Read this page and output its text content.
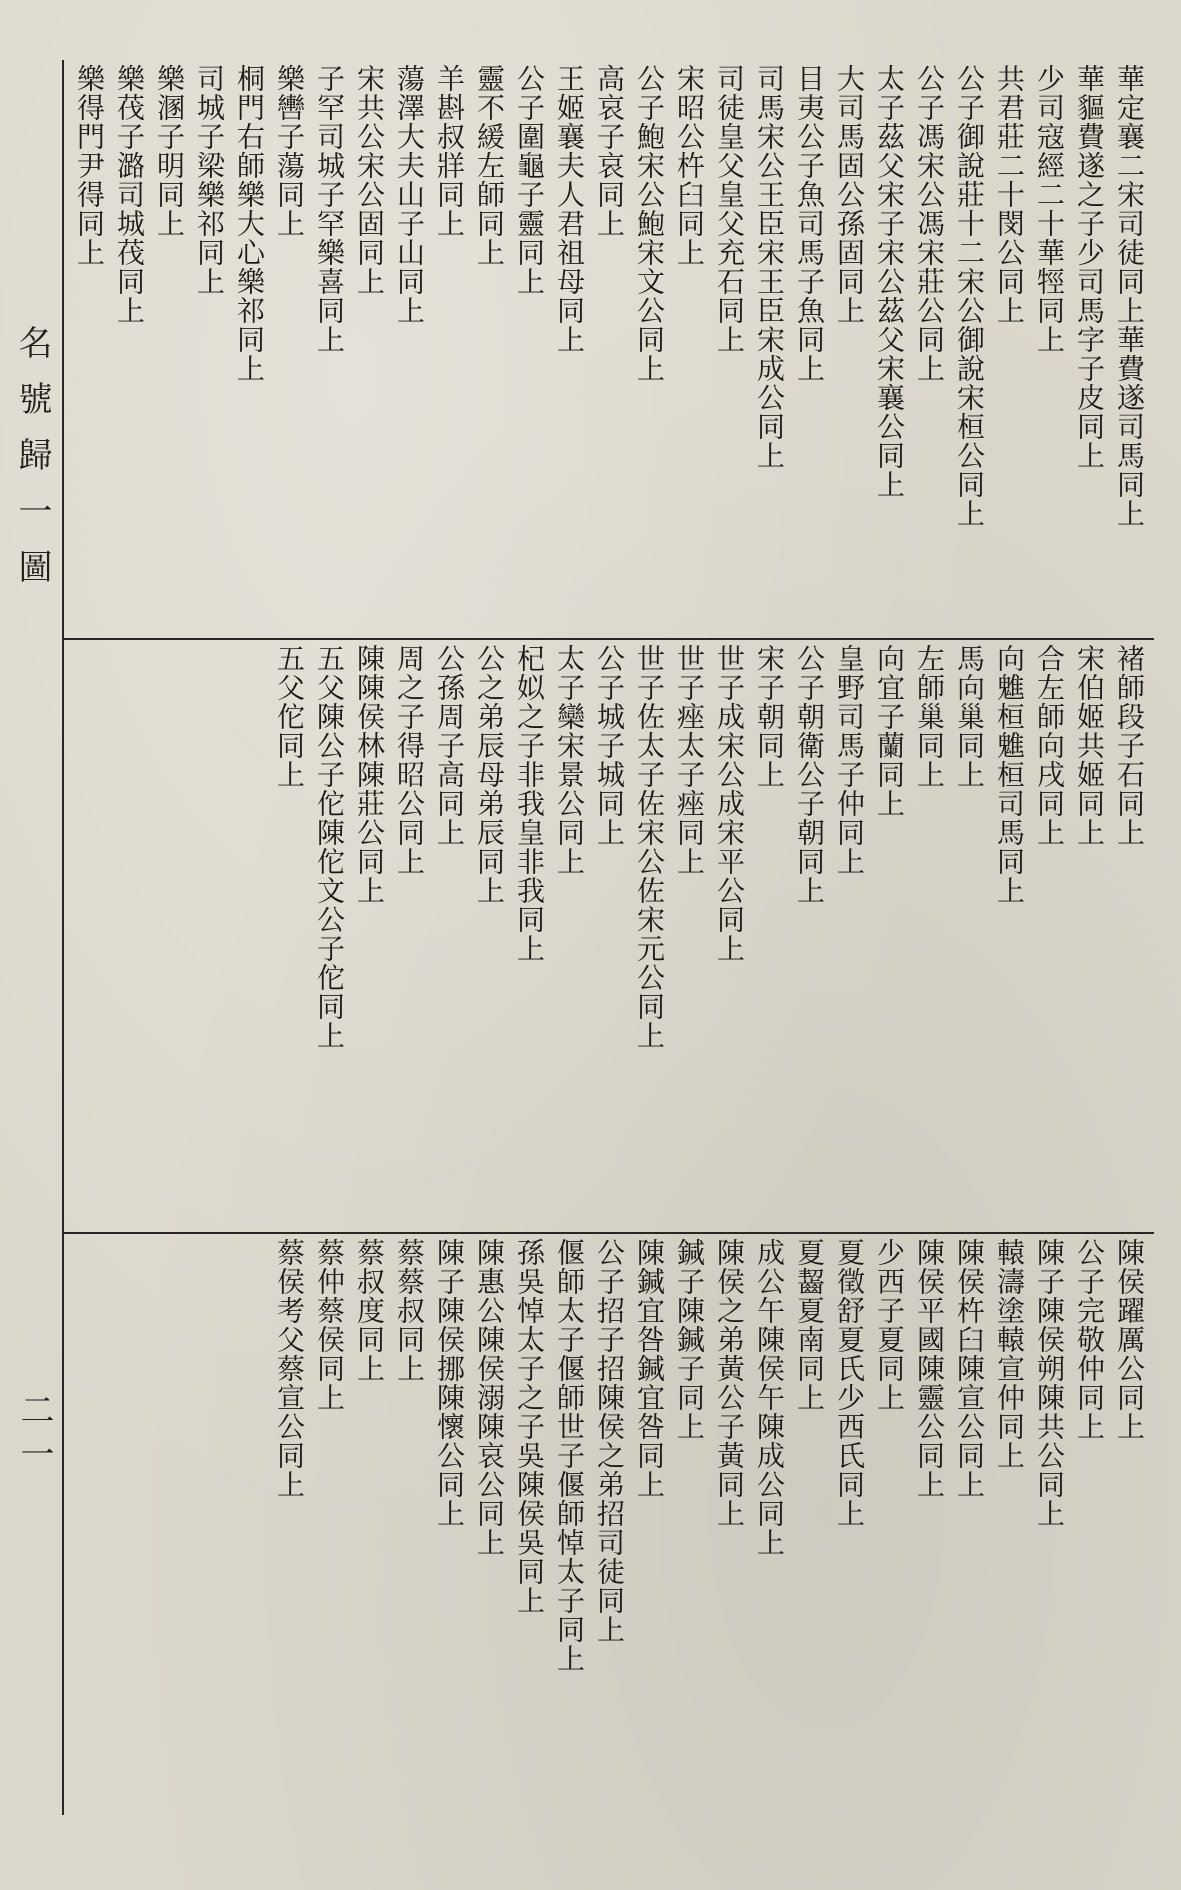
名號歸一圖
二一
華定襄二宋司徒同上華費遂司馬同上
華貙費遂之子少司馬字子皮同上
少司寇經二十華牼同上
共君莊二十閔公同上
公子御說莊十二宋公御說宋桓公同上
公子馮宋公馮宋莊公同上
太子茲父宋子宋公茲父宋襄公同上
大司馬固公孫固同上
目夷公子魚司馬子魚同上
司馬宋公王臣宋王臣宋成公同上
司徒皇父皇父充石同上
宋昭公杵臼同上
公子鮑宋公鮑宋文公同上
高哀子哀同上
王姬襄夫人君祖母同上
公子圍龜子靈同上
靈不緩左師同上
羊斟叔牂同上
蕩澤大夫山子山同上
宋共公宋公固同上
子罕司城子罕樂喜同上
樂轡子蕩同上
桐門右師樂大心樂祁同上
司城子梁樂祁同上
樂溷子明同上
樂茷子潞司城茷同上
樂得門尹得同上
褚師段子石同上
宋伯姬共姬同上
合左師向戌同上
向魋桓魋桓司馬同上
馬向巢同上
左師巢同上
向宜子蘭同上
皇野司馬子仲同上
公子朝衛公子朝同上
宋子朝同上
世子成宋公成宋平公同上
世子痤太子痤同上
世子佐太子佐宋公佐宋元公同上
公子城子城同上
太子欒宋景公同上
杞姒之子非我皇非我同上
公之弟辰母弟辰同上
公孫周子高同上
周之子得昭公同上
陳陳侯林陳莊公同上
五父陳公子佗陳佗文公子佗同上
五父佗同上
陳侯躍厲公同上
公子完敬仲同上
陳子陳侯朔陳共公同上
轅濤塗轅宣仲同上
陳侯杵臼陳宣公同上
陳侯平國陳靈公同上
少西子夏同上
夏徵舒夏氏少西氏同上
夏齧夏南同上
成公午陳侯午陳成公同上
陳侯之弟黃公子黃同上
鍼子陳鍼子同上
陳鍼宜咎鍼宜咎同上
公子招子招陳侯之弟招司徒同上
偃師太子偃師世子偃師悼太子同上
孫吳悼太子之子吳陳侯吳同上
陳惠公陳侯溺陳哀公同上
陳子陳侯挪陳懷公同上
蔡蔡叔同上
蔡叔度同上
蔡仲蔡侯同上
蔡侯考父蔡宣公同上
